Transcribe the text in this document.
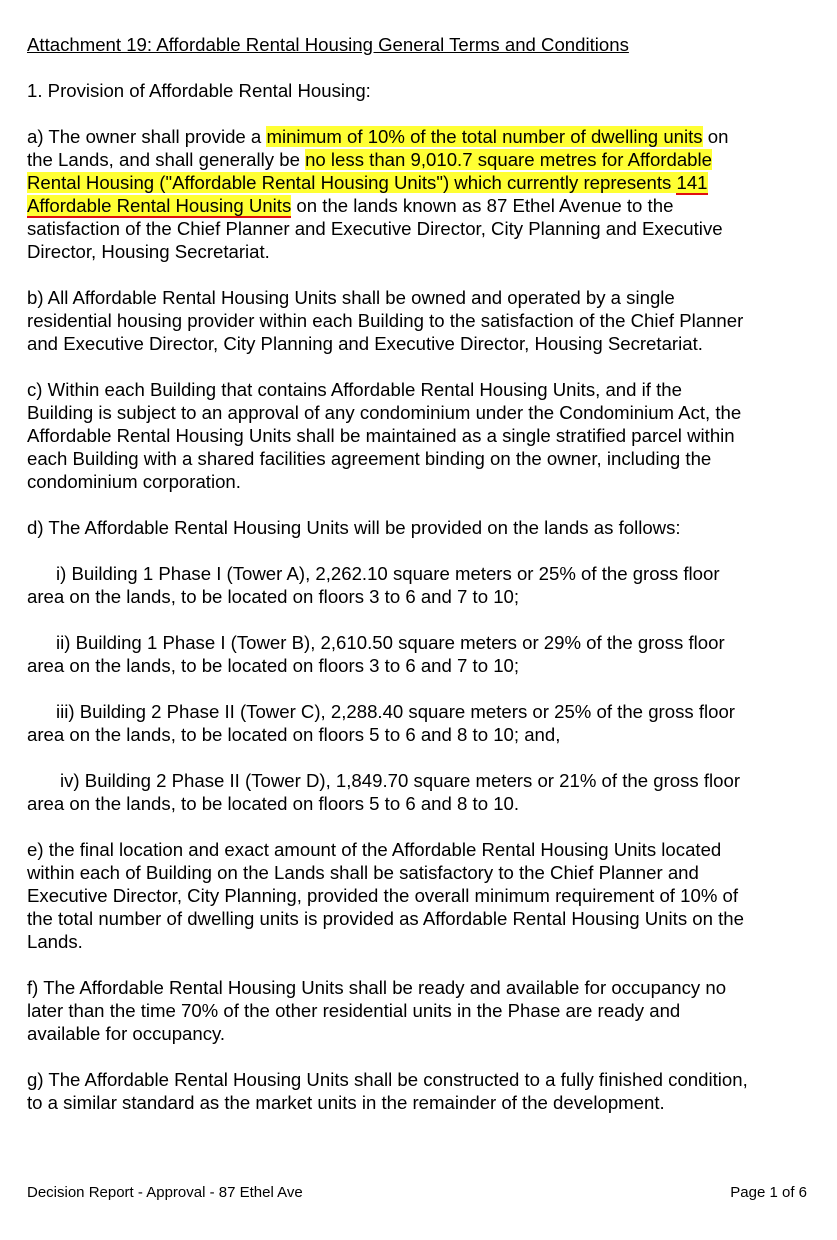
Attachment 19: Affordable Rental Housing General Terms and Conditions
1. Provision of Affordable Rental Housing:
a) The owner shall provide a minimum of 10% of the total number of dwelling units on
the Lands, and shall generally be no less than 9,010.7 square metres for Affordable
Rental Housing ("Affordable Rental Housing Units") which currently represents 141
Affordable Rental Housing Units on the lands known as 87 Ethel Avenue to the
satisfaction of the Chief Planner and Executive Director, City Planning and Executive
Director, Housing Secretariat.
b) All Affordable Rental Housing Units shall be owned and operated by a single
residential housing provider within each Building to the satisfaction of the Chief Planner
and Executive Director, City Planning and Executive Director, Housing Secretariat.
c) Within each Building that contains Affordable Rental Housing Units, and if the
Building is subject to an approval of any condominium under the Condominium Act, the
Affordable Rental Housing Units shall be maintained as a single stratified parcel within
each Building with a shared facilities agreement binding on the owner, including the
condominium corporation.
d) The Affordable Rental Housing Units will be provided on the lands as follows:
i) Building 1 Phase I (Tower A), 2,262.10 square meters or 25% of the gross floor
area on the lands, to be located on floors 3 to 6 and 7 to 10;
ii) Building 1 Phase I (Tower B), 2,610.50 square meters or 29% of the gross floor
area on the lands, to be located on floors 3 to 6 and 7 to 10;
iii) Building 2 Phase II (Tower C), 2,288.40 square meters or 25% of the gross floor
area on the lands, to be located on floors 5 to 6 and 8 to 10; and,
iv) Building 2 Phase II (Tower D), 1,849.70 square meters or 21% of the gross floor
area on the lands, to be located on floors 5 to 6 and 8 to 10.
e) the final location and exact amount of the Affordable Rental Housing Units located
within each of Building on the Lands shall be satisfactory to the Chief Planner and
Executive Director, City Planning, provided the overall minimum requirement of 10% of
the total number of dwelling units is provided as Affordable Rental Housing Units on the
Lands.
f) The Affordable Rental Housing Units shall be ready and available for occupancy no
later than the time 70% of the other residential units in the Phase are ready and
available for occupancy.
g) The Affordable Rental Housing Units shall be constructed to a fully finished condition,
to a similar standard as the market units in the remainder of the development.
Decision Report - Approval - 87 Ethel Ave	Page 1 of 6
